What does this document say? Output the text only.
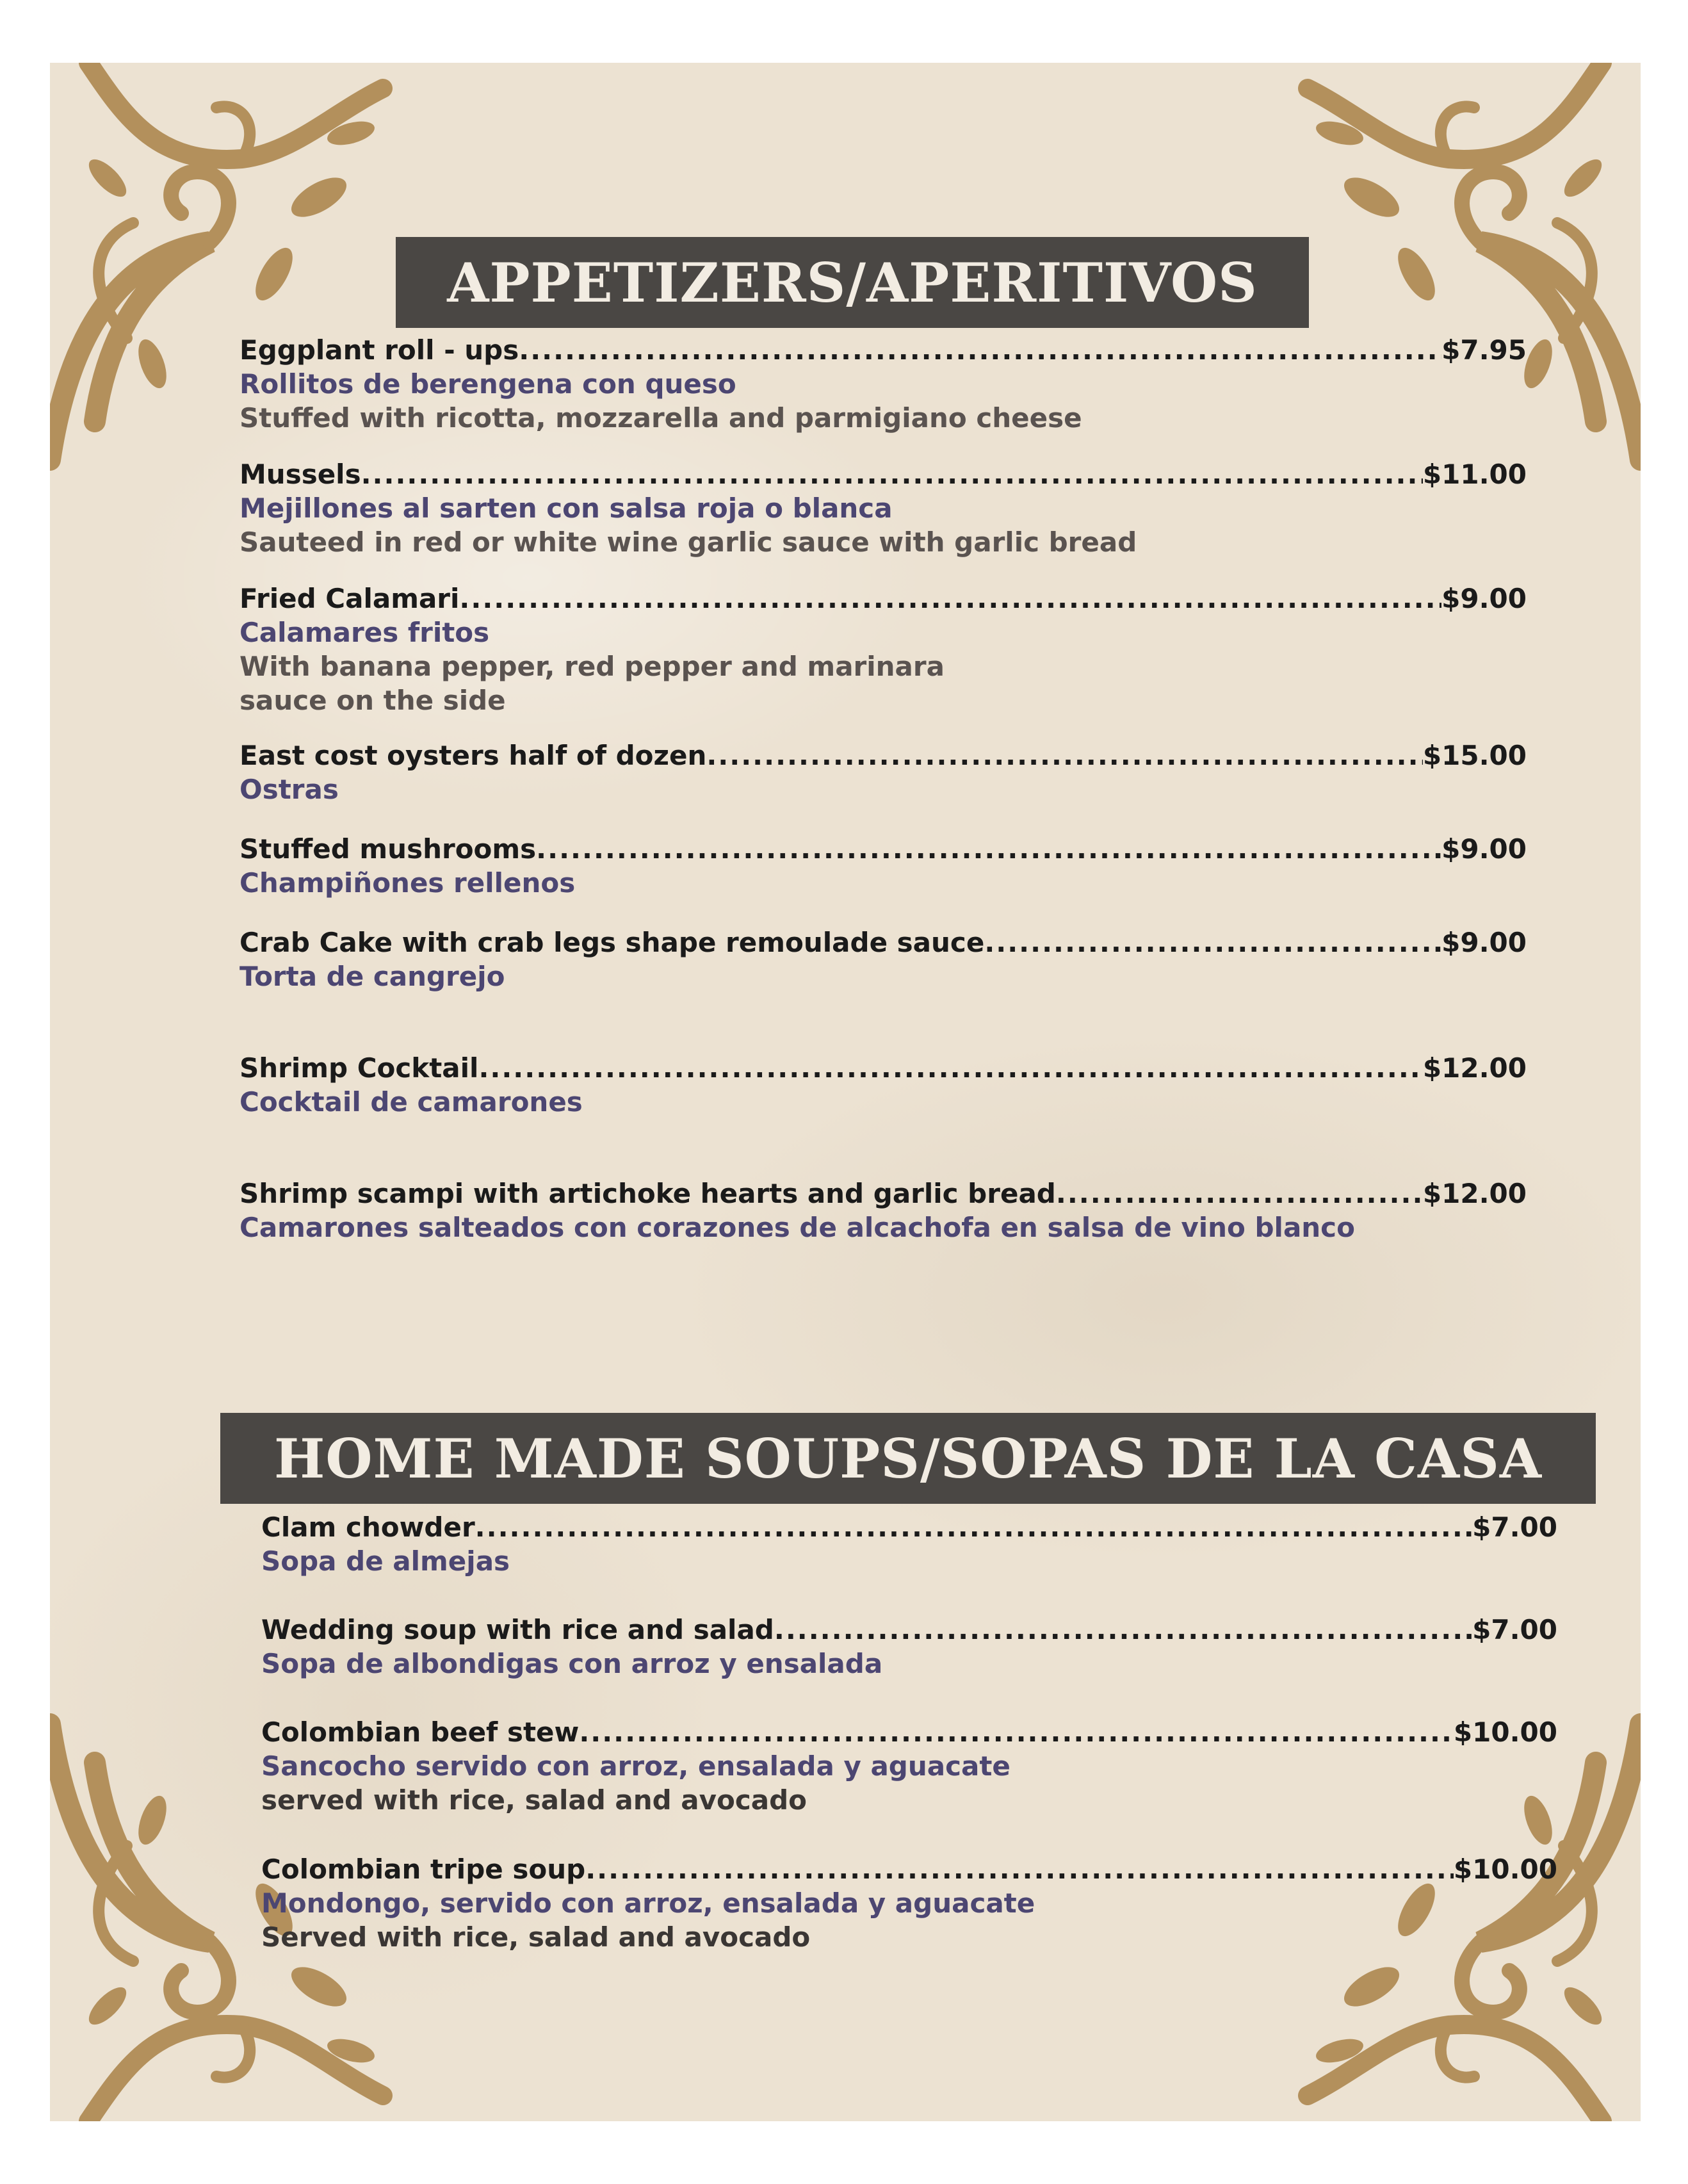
APPETIZERS/APERITIVOS
Eggplant roll - ups .....	$7.95
Rollitos de berengena con queso
Stuffed with ricotta, mozzarella and parmigiano cheese
Mussels .....	$11.00
Mejillones al sarten con salsa roja o blanca
Sauteed in red or white wine garlic sauce with garlic bread
Fried Calamari .....	$9.00
Calamares fritos
With banana pepper, red pepper and marinara
sauce on the side
East cost oysters half of dozen .....	$15.00
Ostras
Stuffed mushrooms .....	$9.00
Champiñones rellenos
Crab Cake with crab legs shape remoulade sauce .....	$9.00
Torta de cangrejo
Shrimp Cocktail .....	$12.00
Cocktail de camarones
Shrimp scampi with artichoke hearts and garlic bread .....	$12.00
Camarones salteados con corazones de alcachofa en salsa de vino blanco
HOME MADE SOUPS/SOPAS DE LA CASA
Clam chowder .....	$7.00
Sopa de almejas
Wedding soup with rice and salad .....	$7.00
Sopa de albondigas con arroz y ensalada
Colombian beef stew .....	$10.00
Sancocho servido con arroz, ensalada y aguacate
served with rice, salad and avocado
Colombian tripe soup .....	$10.00
Mondongo, servido con arroz, ensalada y aguacate
Served with rice, salad and avocado
